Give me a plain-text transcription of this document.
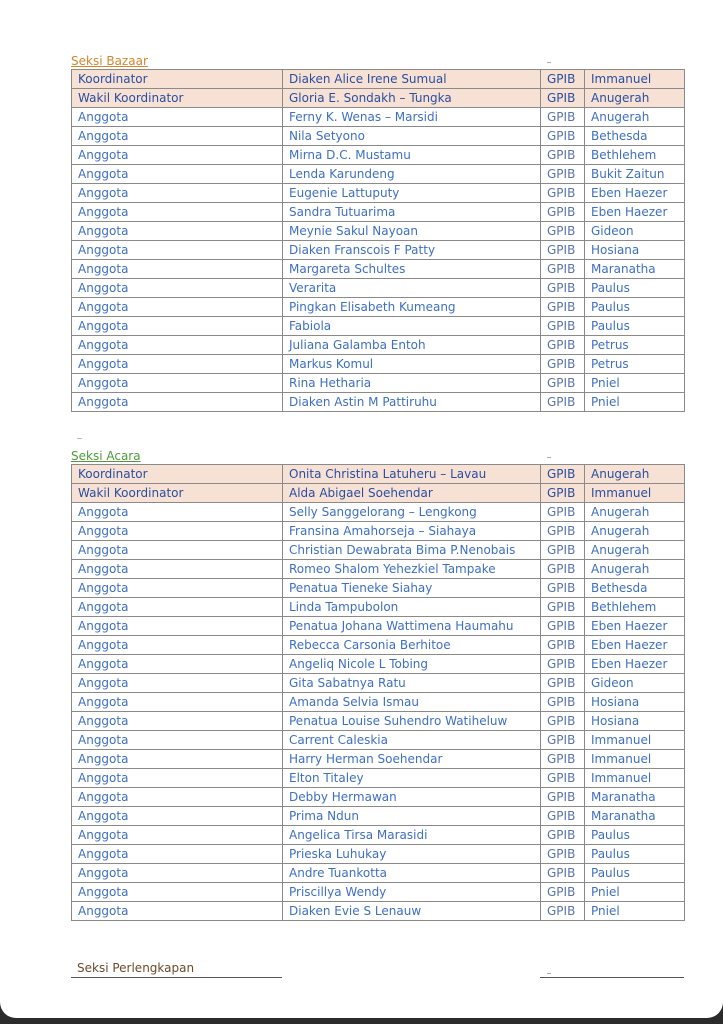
Seksi Bazaar
Koordinator	Diaken Alice Irene Sumual	GPIB	Immanuel
Wakil Koordinator	Gloria E. Sondakh – Tungka	GPIB	Anugerah
Anggota	Ferny K. Wenas – Marsidi	GPIB	Anugerah
Anggota	Nila Setyono	GPIB	Bethesda
Anggota	Mirna D.C. Mustamu	GPIB	Bethlehem
Anggota	Lenda Karundeng	GPIB	Bukit Zaitun
Anggota	Eugenie Lattuputy	GPIB	Eben Haezer
Anggota	Sandra Tutuarima	GPIB	Eben Haezer
Anggota	Meynie Sakul Nayoan	GPIB	Gideon
Anggota	Diaken Franscois F Patty	GPIB	Hosiana
Anggota	Margareta Schultes	GPIB	Maranatha
Anggota	Verarita	GPIB	Paulus
Anggota	Pingkan Elisabeth Kumeang	GPIB	Paulus
Anggota	Fabiola	GPIB	Paulus
Anggota	Juliana Galamba Entoh	GPIB	Petrus
Anggota	Markus Komul	GPIB	Petrus
Anggota	Rina Hetharia	GPIB	Pniel
Anggota	Diaken Astin M Pattiruhu	GPIB	Pniel
Seksi Acara
Koordinator	Onita Christina Latuheru – Lavau	GPIB	Anugerah
Wakil Koordinator	Alda Abigael Soehendar	GPIB	Immanuel
Anggota	Selly Sanggelorang – Lengkong	GPIB	Anugerah
Anggota	Fransina Amahorseja – Siahaya	GPIB	Anugerah
Anggota	Christian Dewabrata Bima P.Nenobais	GPIB	Anugerah
Anggota	Romeo Shalom Yehezkiel Tampake	GPIB	Anugerah
Anggota	Penatua Tieneke Siahay	GPIB	Bethesda
Anggota	Linda Tampubolon	GPIB	Bethlehem
Anggota	Penatua Johana Wattimena Haumahu	GPIB	Eben Haezer
Anggota	Rebecca Carsonia Berhitoe	GPIB	Eben Haezer
Anggota	Angeliq Nicole L Tobing	GPIB	Eben Haezer
Anggota	Gita Sabatnya Ratu	GPIB	Gideon
Anggota	Amanda Selvia Ismau	GPIB	Hosiana
Anggota	Penatua Louise Suhendro Watiheluw	GPIB	Hosiana
Anggota	Carrent Caleskia	GPIB	Immanuel
Anggota	Harry Herman Soehendar	GPIB	Immanuel
Anggota	Elton Titaley	GPIB	Immanuel
Anggota	Debby Hermawan	GPIB	Maranatha
Anggota	Prima Ndun	GPIB	Maranatha
Anggota	Angelica Tirsa Marasidi	GPIB	Paulus
Anggota	Prieska Luhukay	GPIB	Paulus
Anggota	Andre Tuankotta	GPIB	Paulus
Anggota	Priscillya Wendy	GPIB	Pniel
Anggota	Diaken Evie S Lenauw	GPIB	Pniel
Seksi Perlengkapan
